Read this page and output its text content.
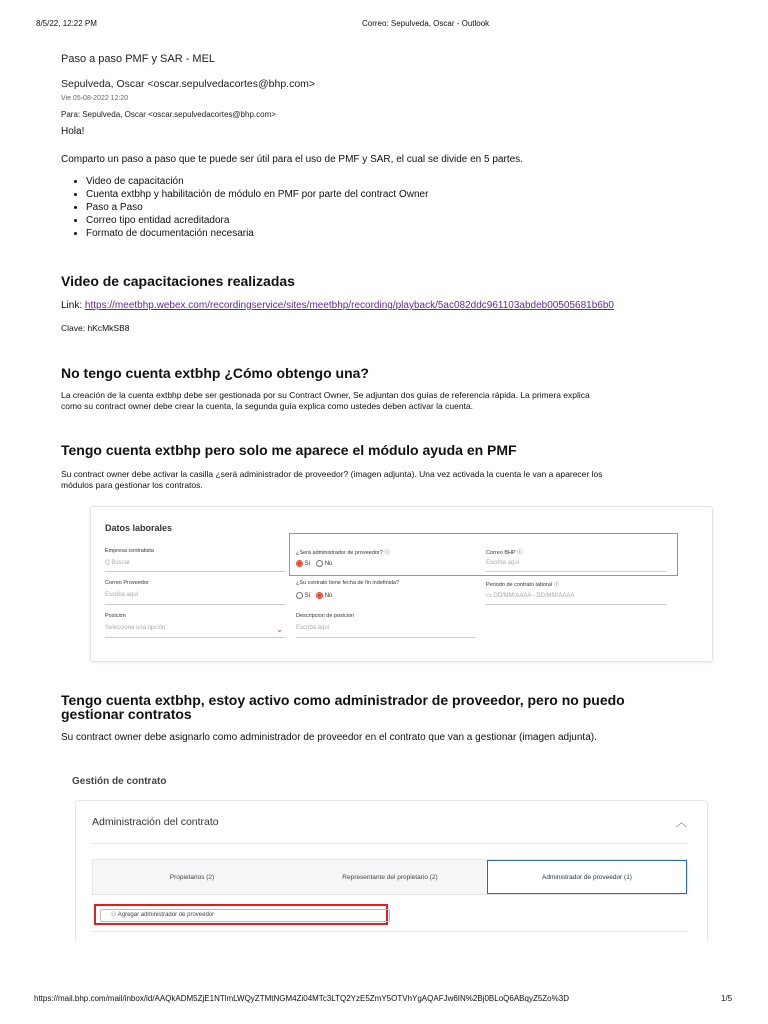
8/5/22, 12:22 PM	Correo: Sepulveda, Oscar - Outlook
Paso a paso PMF y SAR - MEL
Sepulveda, Oscar <oscar.sepulvedacortes@bhp.com>
Vie 05-08-2022 12:20
Para: Sepulveda, Oscar <oscar.sepulvedacortes@bhp.com>
Hola!
Comparto un paso a paso que te puede ser útil para el uso de PMF y SAR, el cual se divide en 5 partes.
• Video de capacitación
• Cuenta extbhp y habilitación de módulo en PMF por parte del contract Owner
• Paso a Paso
• Correo tipo entidad acreditadora
• Formato de documentación necesaria
Video de capacitaciones realizadas
Link: https://meetbhp.webex.com/recordingservice/sites/meetbhp/recording/playback/5ac082ddc961103abdeb00505681b6b0
Clave: hKcMkSB8
No tengo cuenta extbhp ¿Cómo obtengo una?
La creación de la cuenta extbhp debe ser gestionada por su Contract Owner, Se adjuntan dos guías de referencia rápida. La primera explica
como su contract owner debe crear la cuenta, la segunda guía explica como ustedes deben activar la cuenta.
Tengo cuenta extbhp pero solo me aparece el módulo ayuda en PMF
Su contract owner debe activar la casilla ¿será administrador de proveedor? (imagen adjunta). Una vez activada la cuenta le van a aparecer los
módulos para gestionar los contratos.
Datos laborales
Empresa contratista
Q Buscar
¿Será administrador de proveedor? ⓘ
Sí No
Correo BHP ⓘ
Escriba aquí
Correo Proveedor
Escriba aquí
¿Su contrato tiene fecha de fin indefinida?
Sí No
Periodo de contrato laboral ⓘ
▭ DD/MM/AAAA - DD/MM/AAAA
Posicion
Seleccione una opción	⌄
Descripcion de posicion
Escriba aquí
Tengo cuenta extbhp, estoy activo como administrador de proveedor, pero no puedo
gestionar contratos
Su contract owner debe asignarlo como administrador de proveedor en el contrato que van a gestionar (imagen adjunta).
Gestión de contrato
Administración del contrato	︿
Propietarios (2)	Representante del propietario (2)	Administrador de proveedor (1)
⚇ Agregar administrador de proveedor
https://mail.bhp.com/mail/inbox/id/AAQkADM5ZjE1NTlmLWQyZTMtNGM4Zi04MTc3LTQ2YzE5ZmY5OTVhYgAQAFJw6IN%2Bj0BLoQ6ABqyZ5Zo%3D	1/5
